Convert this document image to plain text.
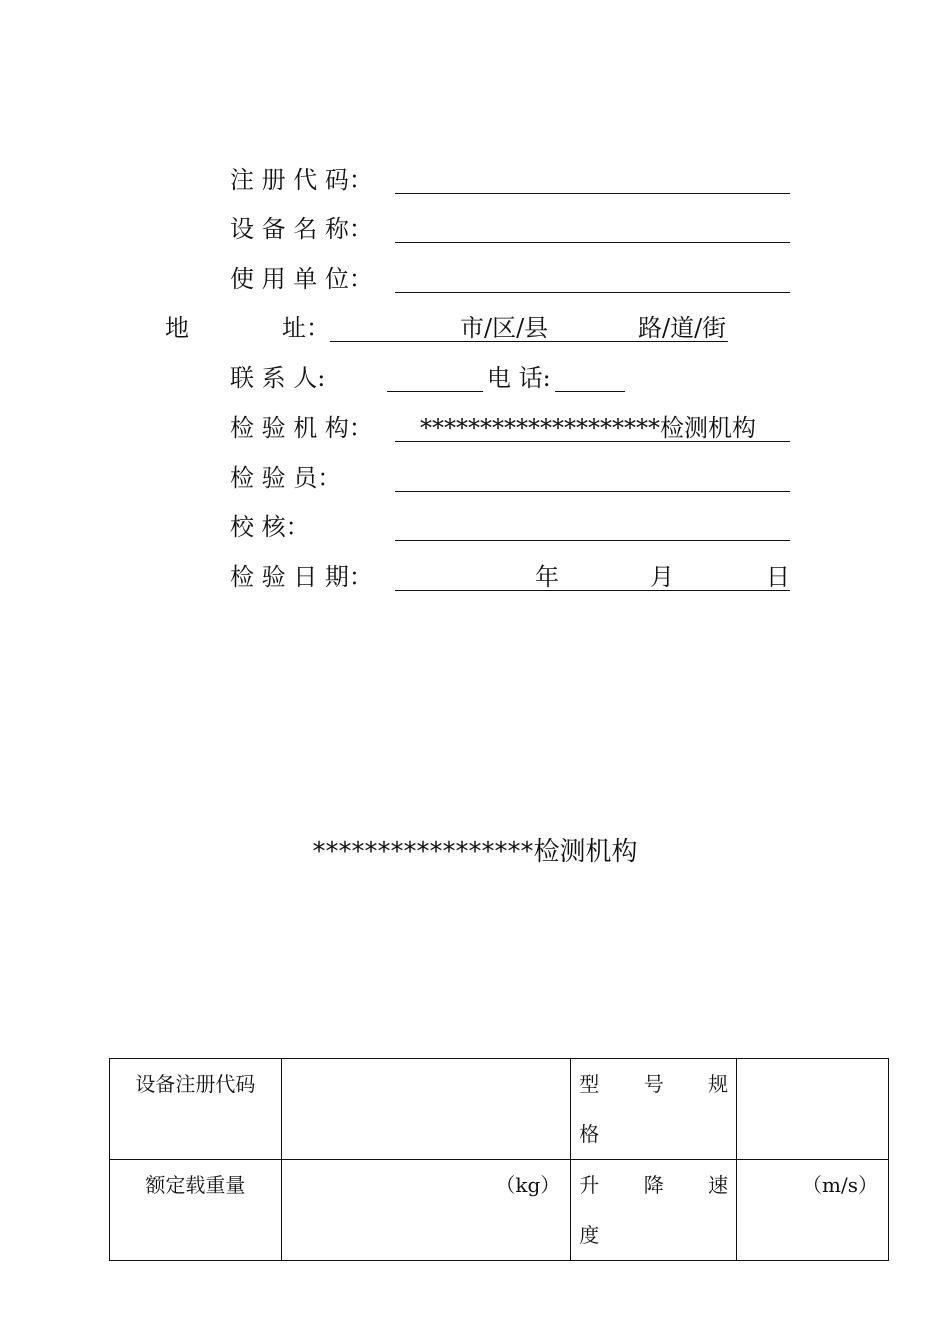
注 册 代 码：
设 备 名 称：
使 用 单 位：
地	址：	市/区/县	路/道/街
联 系 人:	电 话:
检 验 机 构： ********************检测机构
检 验 员：
校 核：
检 验 日 期：	年	月	日
*****************检测机构
设备注册代码		型 号 规
格	

额定载重量	（kg）	升 降 速
度	（m/s）
